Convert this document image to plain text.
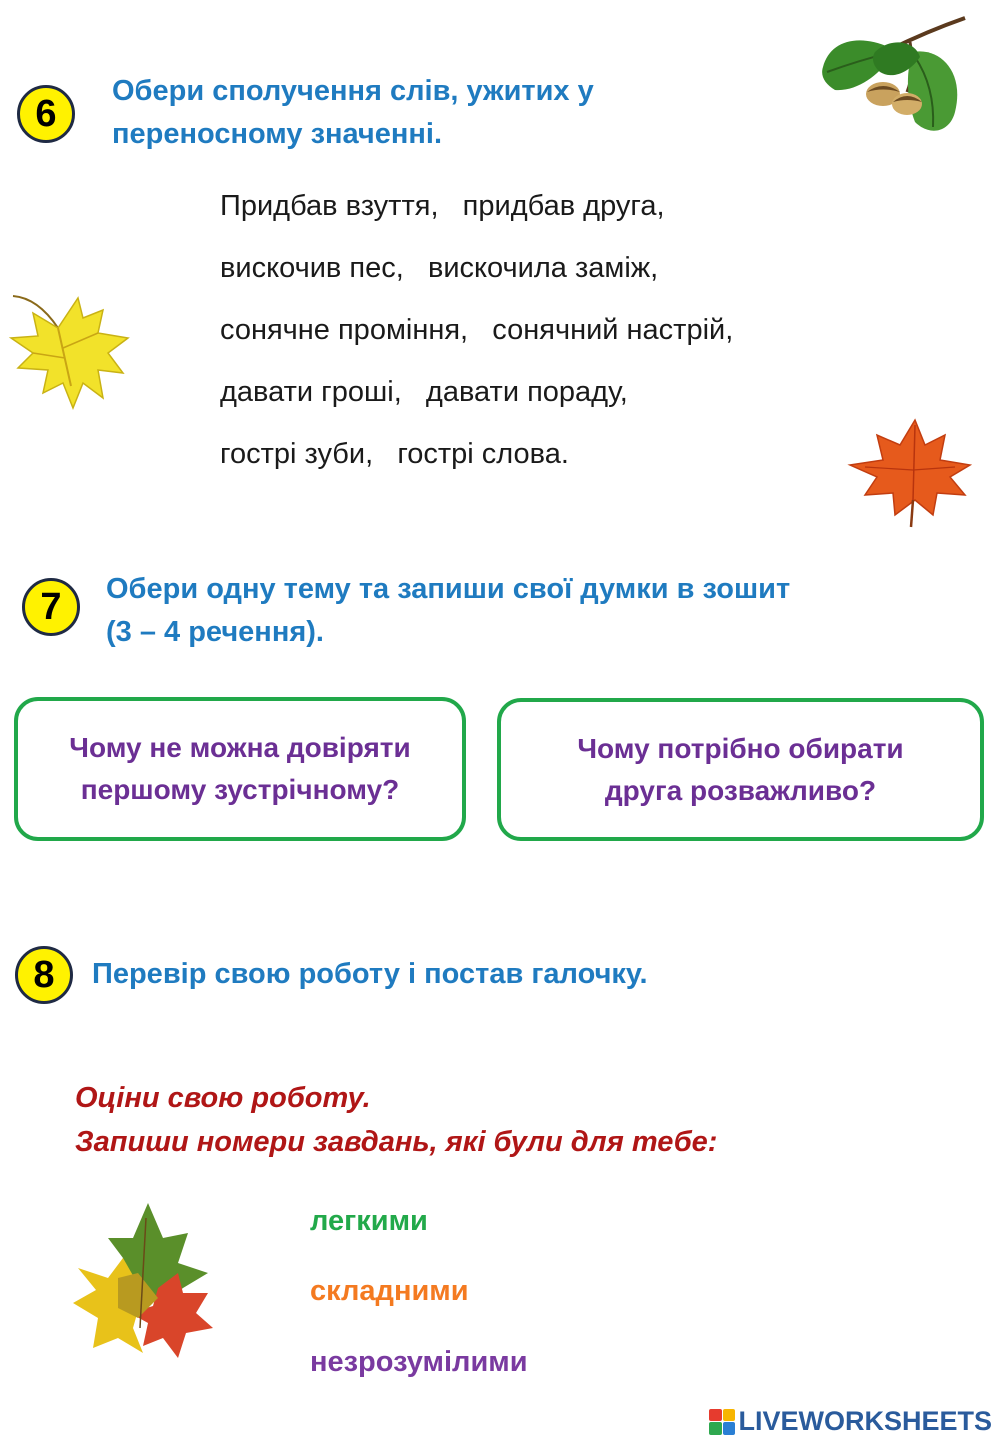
6
Обери сполучення слів, ужитих у
переносному значенні.
Придбав взуття,   придбав друга,
вискочив пес,   вискочила заміж,
сонячне проміння,   сонячний настрій,
давати гроші,   давати пораду,
гострі зуби,   гострі слова.
7 Обери одну тему та запиши свої думки в зошит
(3 – 4 речення).
Чому не можна довіряти
першому зустрічному?
Чому потрібно обирати
друга розважливо?
8 Перевір свою роботу і постав галочку.
Оціни свою роботу.
Запиши номери завдань, які були для тебе:
легкими
складними
незрозумілими
LIVEWORKSHEETS
